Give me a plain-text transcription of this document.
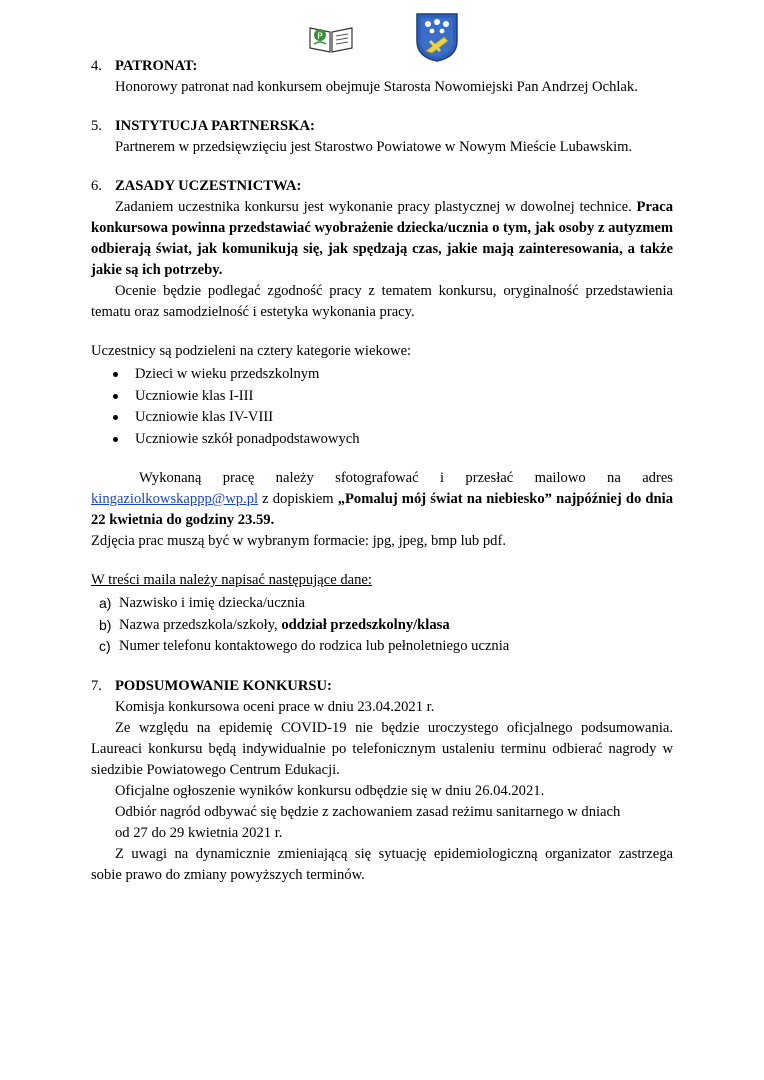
P
4. PATRONAT:
Honorowy patronat nad konkursem obejmuje Starosta Nowomiejski Pan Andrzej Ochlak.
5. INSTYTUCJA PARTNERSKA:
Partnerem w przedsięwzięciu jest Starostwo Powiatowe w Nowym Mieście Lubawskim.
6. ZASADY UCZESTNICTWA:
Zadaniem uczestnika konkursu jest wykonanie pracy plastycznej w dowolnej technice. Praca konkursowa powinna przedstawiać wyobrażenie dziecka/ucznia o tym, jak osoby z autyzmem odbierają świat, jak komunikują się, jak spędzają czas, jakie mają zainteresowania, a także jakie są ich potrzeby.
Ocenie będzie podlegać zgodność pracy z tematem konkursu, oryginalność przedstawienia tematu oraz samodzielność i estetyka wykonania pracy.
Uczestnicy są podzieleni na cztery kategorie wiekowe:
Dzieci w wieku przedszkolnym
Uczniowie klas I-III
Uczniowie klas IV-VIII
Uczniowie szkół ponadpodstawowych
Wykonaną pracę należy sfotografować i przesłać mailowo na adres kingaziolkowskappp@wp.pl z dopiskiem „Pomaluj mój świat na niebiesko” najpóźniej do dnia 22 kwietnia do godziny 23.59.
Zdjęcia prac muszą być w wybranym formacie: jpg, jpeg, bmp lub pdf.
W treści maila należy napisać następujące dane:
a) Nazwisko i imię dziecka/ucznia
b) Nazwa przedszkola/szkoły, oddział przedszkolny/klasa
c) Numer telefonu kontaktowego do rodzica lub pełnoletniego ucznia
7. PODSUMOWANIE KONKURSU:
Komisja konkursowa oceni prace w dniu 23.04.2021 r.
Ze względu na epidemię COVID-19 nie będzie uroczystego oficjalnego podsumowania. Laureaci konkursu będą indywidualnie po telefonicznym ustaleniu terminu odbierać nagrody w siedzibie Powiatowego Centrum Edukacji.
Oficjalne ogłoszenie wyników konkursu odbędzie się w dniu 26.04.2021.
Odbiór nagród odbywać się będzie z zachowaniem zasad reżimu sanitarnego w dniach
od 27 do 29 kwietnia 2021 r.
Z uwagi na dynamicznie zmieniającą się sytuację epidemiologiczną organizator zastrzega sobie prawo do zmiany powyższych terminów.
